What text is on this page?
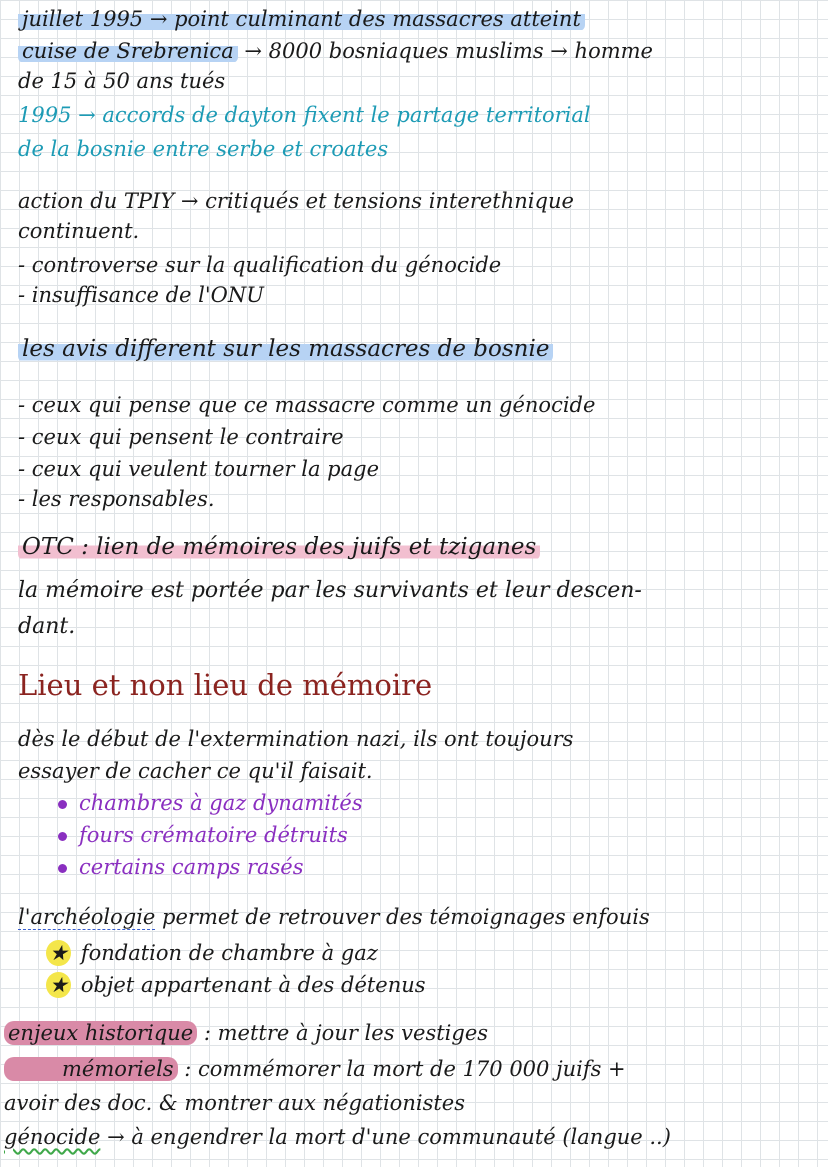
juillet 1995 → point culminant des massacres atteint
cuise de Srebrenica → 8000 bosniaques muslims → homme
de 15 à 50 ans tués
1995 → accords de dayton fixent le partage territorial
de la bosnie entre serbe et croates
action du TPIY → critiqués et tensions interethnique
continuent.
- controverse sur la qualification du génocide
- insuffisance de l'ONU
les avis different sur les massacres de bosnie
- ceux qui pense que ce massacre comme un génocide
- ceux qui pensent le contraire
- ceux qui veulent tourner la page
- les responsables.
OTC : lien de mémoires des juifs et tziganes
la mémoire est portée par les survivants et leur descen-
dant.
Lieu et non lieu de mémoire
dès le début de l'extermination nazi, ils ont toujours
essayer de cacher ce qu'il faisait.
chambres à gaz dynamités
fours crématoire détruits
certains camps rasés
l'archéologie permet de retrouver des témoignages enfouis
★ fondation de chambre à gaz
★ objet appartenant à des détenus
enjeux historique : mettre à jour les vestiges
mémoriels : commémorer la mort de 170 000 juifs +
avoir des doc. & montrer aux négationistes
génocide → à engendrer la mort d'une communauté (langue ..)
